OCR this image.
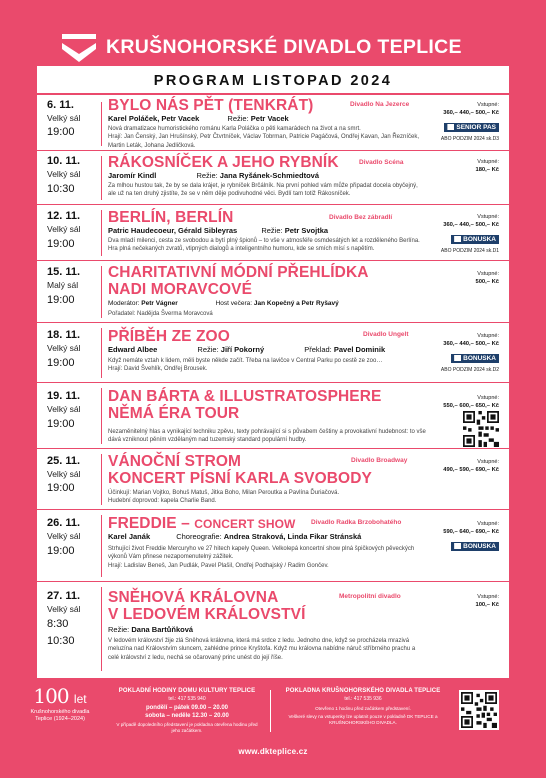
KRUŠNOHORSKÉ DIVADLO TEPLICE
PROGRAM LISTOPAD 2024
6. 11.
Velký sál
19:00
BYLO NÁS PĚT (TENKRÁT)	Divadlo Na Jezerce
Karel Poláček, Petr Vacek	Režie: Petr Vacek
Nová dramatizace humoristického románu Karla Poláčka o pěti kamarádech na život a na smrt.
Hrají: Jan Čenský, Jan Hrušínský, Petr Čtvrtníček, Václav Tobrman, Patricie Pagáčová, Ondřej Kavan, Jan Řezníček, Martin Leták, Johana Jedličková.
Vstupné:
360,– 440,– 500,– Kč
SENIOR PAS
ABO PODZIM 2024 sk.D3
10. 11.
Velký sál
10:30
RÁKOSNÍČEK A JEHO RYBNÍK	Divadlo Scéna
Jaromír Kindl	Režie: Jana Ryšánek-Schmiedtová
Za mlhou hustou tak, že by se dala krájet, je rybníček Brčálník. Na první pohled vám může připadat docela obyčejný, ale už na ten druhý zjistíte, že se v něm děje podivuhodné věci. Bydlí tam totiž Rákosníček.
Vstupné:
180,– Kč
12. 11.
Velký sál
19:00
BERLÍN, BERLÍN	Divadlo Bez zábradlí
Patric Haudecoeur, Gérald Sibleyras	Režie: Petr Svojtka
Dva mladí milenci, cesta ze svobodou a bytí plný špionů – to vše v atmosféře osmdesátých let a rozděleného Berlína. Hra plná nečekaných zvratů, vtipných dialogů a inteligentního humoru, kde se smích mísí s napětím.
Vstupné:
360,– 440,– 500,– Kč
BONUSKA
ABO PODZIM 2024 sk.D1
15. 11.
Malý sál
19:00
CHARITATIVNÍ MÓDNÍ PŘEHLÍDKA
NADI MORAVCOVÉ
Moderátor: Petr Vágner	Host večera: Jan Kopečný a Petr Ryšavý
Pořadatel: Nadějda Šverma Moravcová
Vstupné:
500,– Kč
18. 11.
Velký sál
19:00
PŘÍBĚH ZE ZOO	Divadlo Ungelt
Edward Albee	Režie: Jiří Pokorný	Překlad: Pavel Dominik
Když nemáte vztah k lidem, měli byste někde začít. Třeba na lavičce v Central Parku po cestě ze zoo…
Hrají: David Švehlík, Ondřej Brousek.
Vstupné:
360,– 440,– 500,– Kč
BONUSKA
ABO PODZIM 2024 sk.D2
19. 11.
Velký sál
19:00
DAN BÁRTA & ILLUSTRATOSPHERE
NĚMÁ ÉRA TOUR
Nezaměnitelný hlas a vynikající techniku zpěvu, texty pohrávající si s půvabem češtiny a provokativní hudebnost: to vše dává vzniknout pěním vzdělaným nad tuzemský standard populární hudby.
Vstupné:
550,– 600,– 650,– Kč
25. 11.
Velký sál
19:00
VÁNOČNÍ STROM
KONCERT PÍSNÍ KARLA SVOBODY
Divadlo Broadway
Účinkují: Marian Vojtko, Bohuš Matuš, Jitka Boho, Milan Peroutka a Pavlína Ďuriačová.
Hudební doprovod: kapela Charlie Band.
Vstupné:
490,– 590,– 690,– Kč
26. 11.
Velký sál
19:00
FREDDIE – CONCERT SHOW Divadlo Radka Brzobohatého
Karel Janák	Choreografie: Andrea Straková, Linda Fikar Stránská
Strhující život Freddie Mercuryho ve 27 hitech kapely Queen. Velkolepá koncertní show plná špičkových pěveckých výkonů Vám přinese nezapomenutelný zážitek.
Hrají: Ladislav Beneš, Jan Pudlák, Pavel Plašil, Ondřej Podhajský / Radim Gončev.
Vstupné:
590,– 640,– 690,– Kč
BONUSKA
27. 11.
Velký sál
8:30
10:30
SNĚHOVÁ KRÁLOVNA
V LEDOVÉM KRÁLOVSTVÍ
Metropolitní divadlo
Režie: Dana Bartůňková
V ledovém království žije zlá Sněhová královna, která má srdce z ledu. Jednoho dne, když se procházela mrazivá meluzína nad Královstvím sluncem, zahlédne prince Kryštofa. Když mu královna nabídne náruč stříbrného prachu a celé království z ledu, nechá se očarovaný princ unést do její říše.
Vstupné:
100,– Kč
100 let
Krušnohorského divadla
Teplice (1924–2024)
POKLADNÍ HODINY DOMU KULTURY TEPLICE
tel.: 417 535 940
pondělí – pátek 09.00 – 20.00
sobota – neděle 12.30 – 20.00
V případě dopoledního představení je pokladna otevřena hodinu před jeho začátkem.
POKLADNA KRUŠNOHORSKÉHO DIVADLA TEPLICE
tel.: 417 535 936
Otevřeno 1 hodinu před začátkem představení.
Veškeré slevy na vstupenky lze uplatnit pouze v pokladně DK TEPLICE a KRUŠNOHORSKÉHO DIVADLA.
www.dkteplice.cz
